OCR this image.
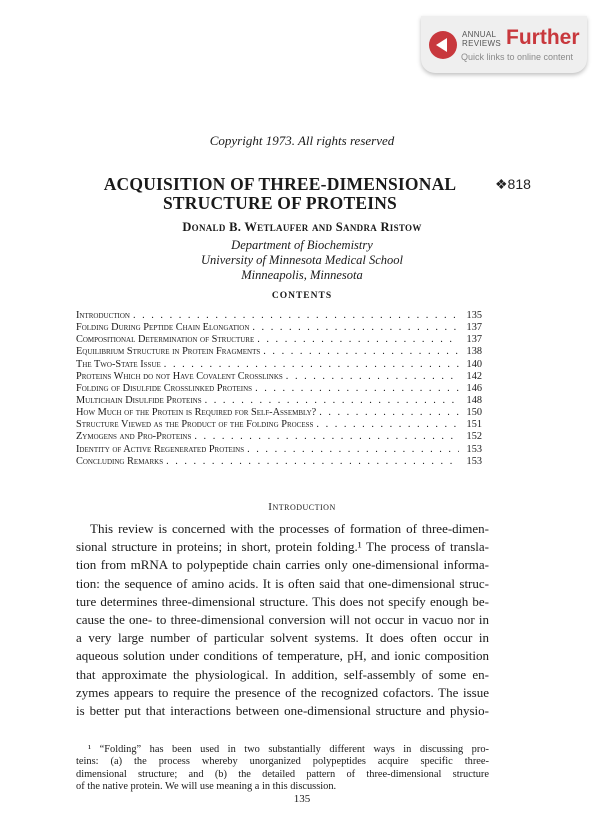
ANNUAL
REVIEWS Further
Quick links to online content
Copyright 1973. All rights reserved
ACQUISITION OF THREE-DIMENSIONAL
STRUCTURE OF PROTEINS
❖818
Donald B. Wetlaufer and Sandra Ristow
Department of Biochemistry
University of Minnesota Medical School
Minneapolis, Minnesota
CONTENTS
Introduction . . .	135
Folding During Peptide Chain Elongation . . .	137
Compositional Determination of Structure . . .	137
Equilibrium Structure in Protein Fragments . . .	138
The Two-State Issue . . .	140
Proteins Which do not Have Covalent Crosslinks . . .	142
Folding of Disulfide Crosslinked Proteins . . .	146
Multichain Disulfide Proteins . . .	148
How Much of the Protein is Required for Self-Assembly? . . .	150
Structure Viewed as the Product of the Folding Process . . .	151
Zymogens and Pro-Proteins . . .	152
Identity of Active Regenerated Proteins . . .	153
Concluding Remarks . . .	153
Introduction
This review is concerned with the processes of formation of three-dimen-
sional structure in proteins; in short, protein folding.¹ The process of transla-
tion from mRNA to polypeptide chain carries only one-dimensional informa-
tion: the sequence of amino acids. It is often said that one-dimensional struc-
ture determines three-dimensional structure. This does not specify enough be-
cause the one- to three-dimensional conversion will not occur in vacuo nor in
a very large number of particular solvent systems. It does often occur in
aqueous solution under conditions of temperature, pH, and ionic composition
that approximate the physiological. In addition, self-assembly of some en-
zymes appears to require the presence of the recognized cofactors. The issue
is better put that interactions between one-dimensional structure and physio-
¹ “Folding” has been used in two substantially different ways in discussing pro-
teins: (a) the process whereby unorganized polypeptides acquire specific three-
dimensional structure; and (b) the detailed pattern of three-dimensional structure
of the native protein. We will use meaning a in this discussion.
135
